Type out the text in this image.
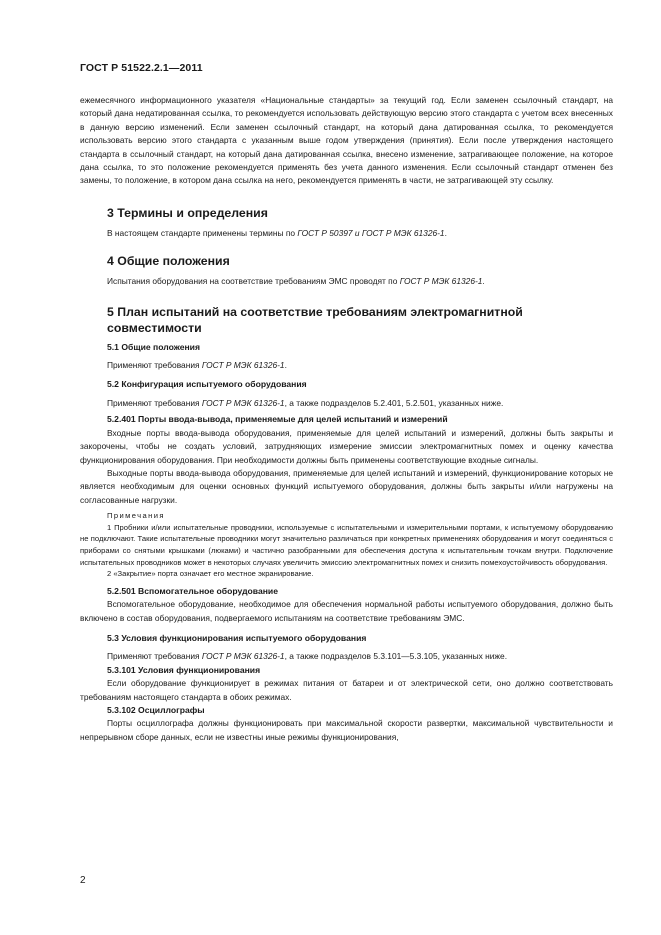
ГОСТ Р 51522.2.1—2011

ежемесячного информационного указателя «Национальные стандарты» за текущий год. Если заменен ссылочный стандарт, на который дана недатированная ссылка, то рекомендуется использовать действующую версию этого стандарта с учетом всех внесенных в данную версию изменений. Если заменен ссылочный стандарт, на который дана датированная ссылка, то рекомендуется использовать версию этого стандарта с указанным выше годом утверждения (принятия). Если после утверждения настоящего стандарта в ссылочный стандарт, на который дана датированная ссылка, внесено изменение, затрагивающее положение, на которое дана ссылка, то это положение рекомендуется применять без учета данного изменения. Если ссылочный стандарт отменен без замены, то положение, в котором дана ссылка на него, рекомендуется применять в части, не затрагивающей эту ссылку.

3 Термины и определения

В настоящем стандарте применены термины по ГОСТ Р 50397 и ГОСТ Р МЭК 61326-1.

4 Общие положения

Испытания оборудования на соответствие требованиям ЭМС проводят по ГОСТ Р МЭК 61326-1.

5 План испытаний на соответствие требованиям электромагнитной
совместимости

5.1 Общие положения

Применяют требования ГОСТ Р МЭК 61326-1.

5.2 Конфигурация испытуемого оборудования

Применяют требования ГОСТ Р МЭК 61326-1, а также подразделов 5.2.401, 5.2.501, указанных ниже.

5.2.401 Порты ввода-вывода, применяемые для целей испытаний и измерений

Входные порты ввода-вывода оборудования, применяемые для целей испытаний и измерений, должны быть закрыты и закорочены, чтобы не создать условий, затрудняющих измерение эмиссии электромагнитных помех и оценку качества функционирования оборудования. При необходимости должны быть применены соответствующие входные сигналы.

Выходные порты ввода-вывода оборудования, применяемые для целей испытаний и измерений, функционирование которых не является необходимым для оценки основных функций испытуемого оборудования, должны быть закрыты и/или нагружены на согласованные нагрузки.

Примечания

1 Пробники и/или испытательные проводники, используемые с испытательными и измерительными портами, к испытуемому оборудованию не подключают. Такие испытательные проводники могут значительно различаться при конкретных применениях оборудования и могут соединяться с приборами со снятыми крышками (люками) и частично разобранными для обеспечения доступа к испытательным точкам внутри. Подключение испытательных проводников может в некоторых случаях увеличить эмиссию электромагнитных помех и снизить помехоустойчивость оборудования.

2 «Закрытие» порта означает его местное экранирование.

5.2.501 Вспомогательное оборудование

Вспомогательное оборудование, необходимое для обеспечения нормальной работы испытуемого оборудования, должно быть включено в состав оборудования, подвергаемого испытаниям на соответствие требованиям ЭМС.

5.3 Условия функционирования испытуемого оборудования

Применяют требования ГОСТ Р МЭК 61326-1, а также подразделов 5.3.101—5.3.105, указанных ниже.

5.3.101 Условия функционирования

Если оборудование функционирует в режимах питания от батареи и от электрической сети, оно должно соответствовать требованиям настоящего стандарта в обоих режимах.

5.3.102 Осциллографы

Порты осциллографа должны функционировать при максимальной скорости развертки, максимальной чувствительности и непрерывном сборе данных, если не известны иные режимы функционирования,

2
